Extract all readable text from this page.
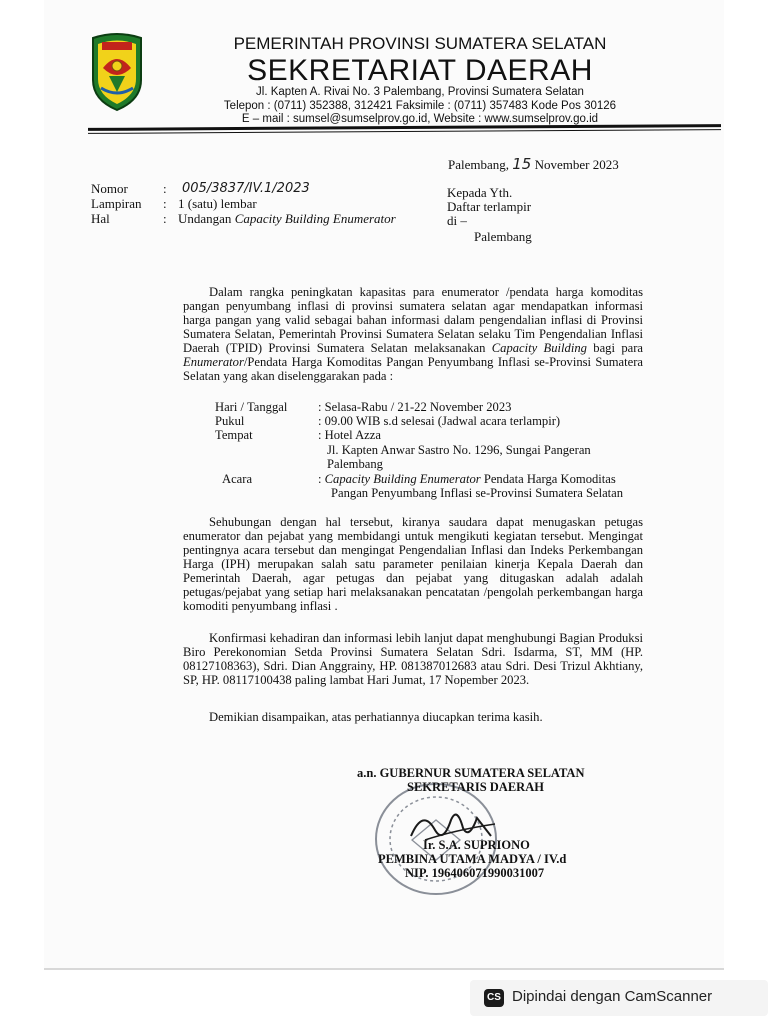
PEMERINTAH PROVINSI SUMATERA SELATAN
SEKRETARIAT DAERAH
Jl. Kapten A. Rivai No. 3 Palembang, Provinsi Sumatera Selatan
Telepon : (0711) 352388, 312421 Faksimile : (0711) 357483 Kode Pos 30126
E – mail : sumsel@sumselprov.go.id, Website : www.sumselprov.go.id
Palembang, 15 November 2023
Nomor	: 005/3837/IV.1/2023
Lampiran : 1 (satu) lembar
Hal	: Undangan Capacity Building Enumerator
Kepada Yth.
Daftar terlampir
di –
Palembang

Dalam rangka peningkatan kapasitas para enumerator /pendata harga komoditas pangan penyumbang inflasi di provinsi sumatera selatan agar mendapatkan informasi harga pangan yang valid sebagai bahan informasi dalam pengendalian inflasi di Provinsi Sumatera Selatan, Pemerintah Provinsi Sumatera Selatan selaku Tim Pengendalian Inflasi Daerah (TPID) Provinsi Sumatera Selatan melaksanakan Capacity Building bagi para Enumerator/Pendata Harga Komoditas Pangan Penyumbang Inflasi se-Provinsi Sumatera Selatan yang akan diselenggarakan pada :

Hari / Tanggal : Selasa-Rabu / 21-22 November 2023
Pukul	: 09.00 WIB s.d selesai (Jadwal acara terlampir)
Tempat	: Hotel Azza
Jl. Kapten Anwar Sastro No. 1296, Sungai Pangeran
Palembang
Acara	: Capacity Building Enumerator Pendata Harga Komoditas
Pangan Penyumbang Inflasi se-Provinsi Sumatera Selatan

Sehubungan dengan hal tersebut, kiranya saudara dapat menugaskan petugas enumerator dan pejabat yang membidangi untuk mengikuti kegiatan tersebut. Mengingat pentingnya acara tersebut dan mengingat Pengendalian Inflasi dan Indeks Perkembangan Harga (IPH) merupakan salah satu parameter penilaian kinerja Kepala Daerah dan Pemerintah Daerah, agar petugas dan pejabat yang ditugaskan adalah adalah petugas/pejabat yang setiap hari melaksanakan pencatatan /pengolah perkembangan harga komoditi penyumbang inflasi .

Konfirmasi kehadiran dan informasi lebih lanjut dapat menghubungi Bagian Produksi Biro Perekonomian Setda Provinsi Sumatera Selatan Sdri. Isdarma, ST, MM (HP. 08127108363), Sdri. Dian Anggrainy, HP. 081387012683 atau Sdri. Desi Trizul Akhtiany, SP, HP. 08117100438 paling lambat Hari Jumat, 17 Nopember 2023.

Demikian disampaikan, atas perhatiannya diucapkan terima kasih.
a.n. GUBERNUR SUMATERA SELATAN
SEKRETARIS DAERAH
Ir. S.A. SUPRIONO
PEMBINA UTAMA MADYA / IV.d
NIP. 196406071990031007
CS Dipindai dengan CamScanner
